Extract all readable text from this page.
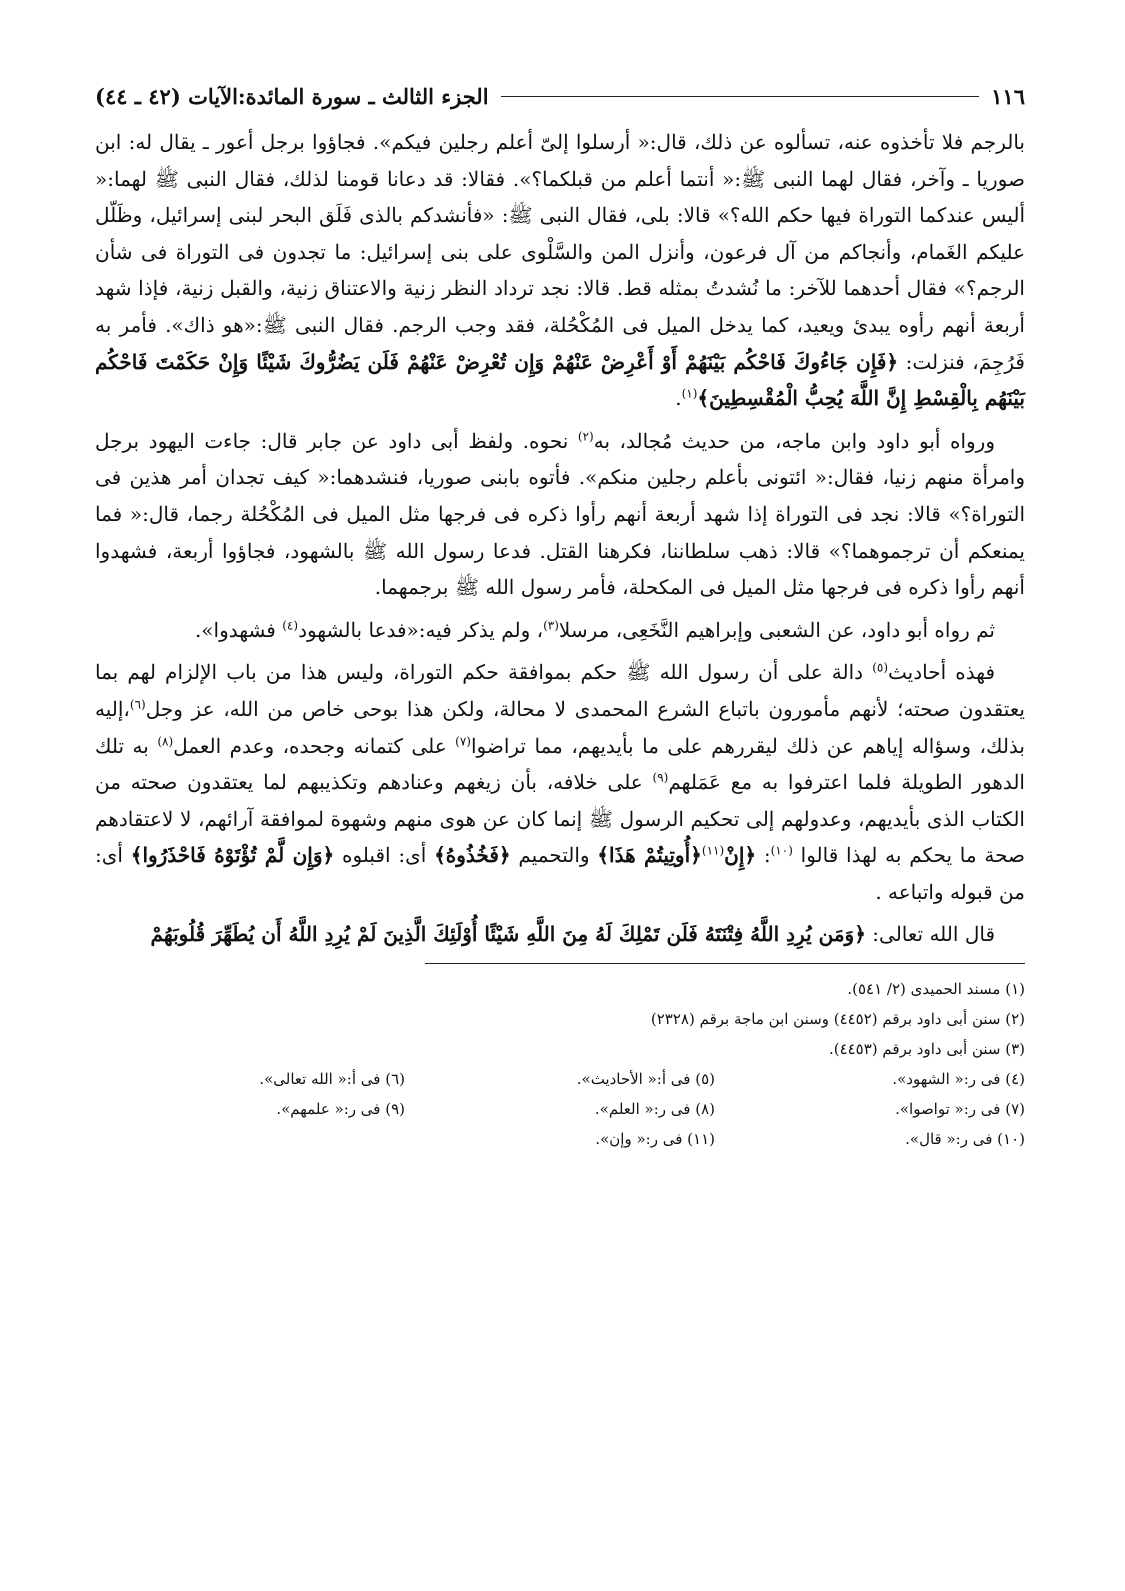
١١٦
الجزء الثالث ـ سورة المائدة:الآيات (٤٢ ـ ٤٤)

بالرجم فلا تأخذوه عنه، تسألوه عن ذلك، قال:« أرسلوا إلىّ أعلم رجلين فيكم». فجاؤوا برجل أعور ـ يقال له: ابن صوريا ـ وآخر، فقال لهما النبى ﷺ:« أنتما أعلم من قبلكما؟». فقالا: قد دعانا قومنا لذلك، فقال النبى ﷺ لهما:« أليس عندكما التوراة فيها حكم الله؟» قالا: بلى، فقال النبى ﷺ: «فأنشدكم بالذى فَلَق البحر لبنى إسرائيل، وظَلّل عليكم الغَمام، وأنجاكم من آل فرعون، وأنزل المن والسَّلْوى على بنى إسرائيل: ما تجدون فى التوراة فى شأن الرجم؟» فقال أحدهما للآخر: ما نُشدتُ بمثله قط. قالا: نجد ترداد النظر زنية والاعتناق زنية، والقبل زنية، فإذا شهد أربعة أنهم رأوه يبدئ ويعيد، كما يدخل الميل فى المُكْحُلة، فقد وجب الرجم. فقال النبى ﷺ:«هو ذاك». فأمر به فَرُجِمَ، فنزلت: ﴿فَإِن جَاءُوكَ فَاحْكُم بَيْنَهُمْ أَوْ أَعْرِضْ عَنْهُمْ وَإِن تُعْرِضْ عَنْهُمْ فَلَن يَضُرُّوكَ شَيْئًا وَإِنْ حَكَمْتَ فَاحْكُم بَيْنَهُم بِالْقِسْطِ إِنَّ اللَّهَ يُحِبُّ الْمُقْسِطِينَ﴾$^{(١)}$.

ورواه أبو داود وابن ماجه، من حديث مُجالد، به$^{(٢)}$ نحوه. ولفظ أبى داود عن جابر قال: جاءت اليهود برجل وامرأة منهم زنيا، فقال:« ائتونى بأعلم رجلين منكم». فأتوه بابنى صوريا، فنشدهما:« كيف تجدان أمر هذين فى التوراة؟» قالا: نجد فى التوراة إذا شهد أربعة أنهم رأوا ذكره فى فرجها مثل الميل فى المُكْحُلة رجما، قال:« فما يمنعكم أن ترجموهما؟» قالا: ذهب سلطاننا، فكرهنا القتل. فدعا رسول الله ﷺ بالشهود، فجاؤوا أربعة، فشهدوا أنهم رأوا ذكره فى فرجها مثل الميل فى المكحلة، فأمر رسول الله ﷺ برجمهما.

ثم رواه أبو داود، عن الشعبى وإبراهيم النَّخَعِى، مرسلا$^{(٣)}$، ولم يذكر فيه:«فدعا بالشهود$^{(٤)}$ فشهدوا».

فهذه أحاديث$^{(٥)}$ دالة على أن رسول الله ﷺ حكم بموافقة حكم التوراة، وليس هذا من باب الإلزام لهم بما يعتقدون صحته؛ لأنهم مأمورون باتباع الشرع المحمدى لا محالة، ولكن هذا بوحى خاص من الله، عز وجل$^{(٦)}$،إليه بذلك، وسؤاله إياهم عن ذلك ليقررهم على ما بأيديهم، مما تراضوا$^{(٧)}$ على كتمانه وجحده، وعدم العمل$^{(٨)}$ به تلك الدهور الطويلة فلما اعترفوا به مع عَمَلهم$^{(٩)}$ على خلافه، بأن زيغهم وعنادهم وتكذيبهم لما يعتقدون صحته من الكتاب الذى بأيديهم، وعدولهم إلى تحكيم الرسول ﷺ إنما كان عن هوى منهم وشهوة لموافقة آرائهم، لا لاعتقادهم صحة ما يحكم به لهذا قالوا $^{(١٠)}$: ﴿إِنْ$^{(١١)}$﴿أُوتِيتُمْ هَذَا﴾ والتحميم ﴿فَخُذُوهُ﴾ أى: اقبلوه ﴿وَإِن لَّمْ تُؤْتَوْهُ فَاحْذَرُوا﴾ أى: من قبوله واتباعه .

قال الله تعالى: ﴿وَمَن يُرِدِ اللَّهُ فِتْنَتَهُ فَلَن تَمْلِكَ لَهُ مِنَ اللَّهِ شَيْئًا أُوْلَئِكَ الَّذِينَ لَمْ يُرِدِ اللَّهُ أَن يُطَهِّرَ قُلُوبَهُمْ

(١) مسند الحميدى (٢/ ٥٤١).
(٢) سنن أبى داود برقم (٤٤٥٢) وسنن ابن ماجة برقم (٢٣٢٨)
(٣) سنن أبى داود برقم (٤٤٥٣).
(٤) فى ر:« الشهود».
(٥) فى أ:« الأحاديث».
(٦) فى أ:« الله تعالى».
(٧) فى ر:« تواصوا».
(٨) فى ر:« العلم».
(٩) فى ر:« علمهم».
(١٠) فى ر:« قال».
(١١) فى ر:« وإن».
